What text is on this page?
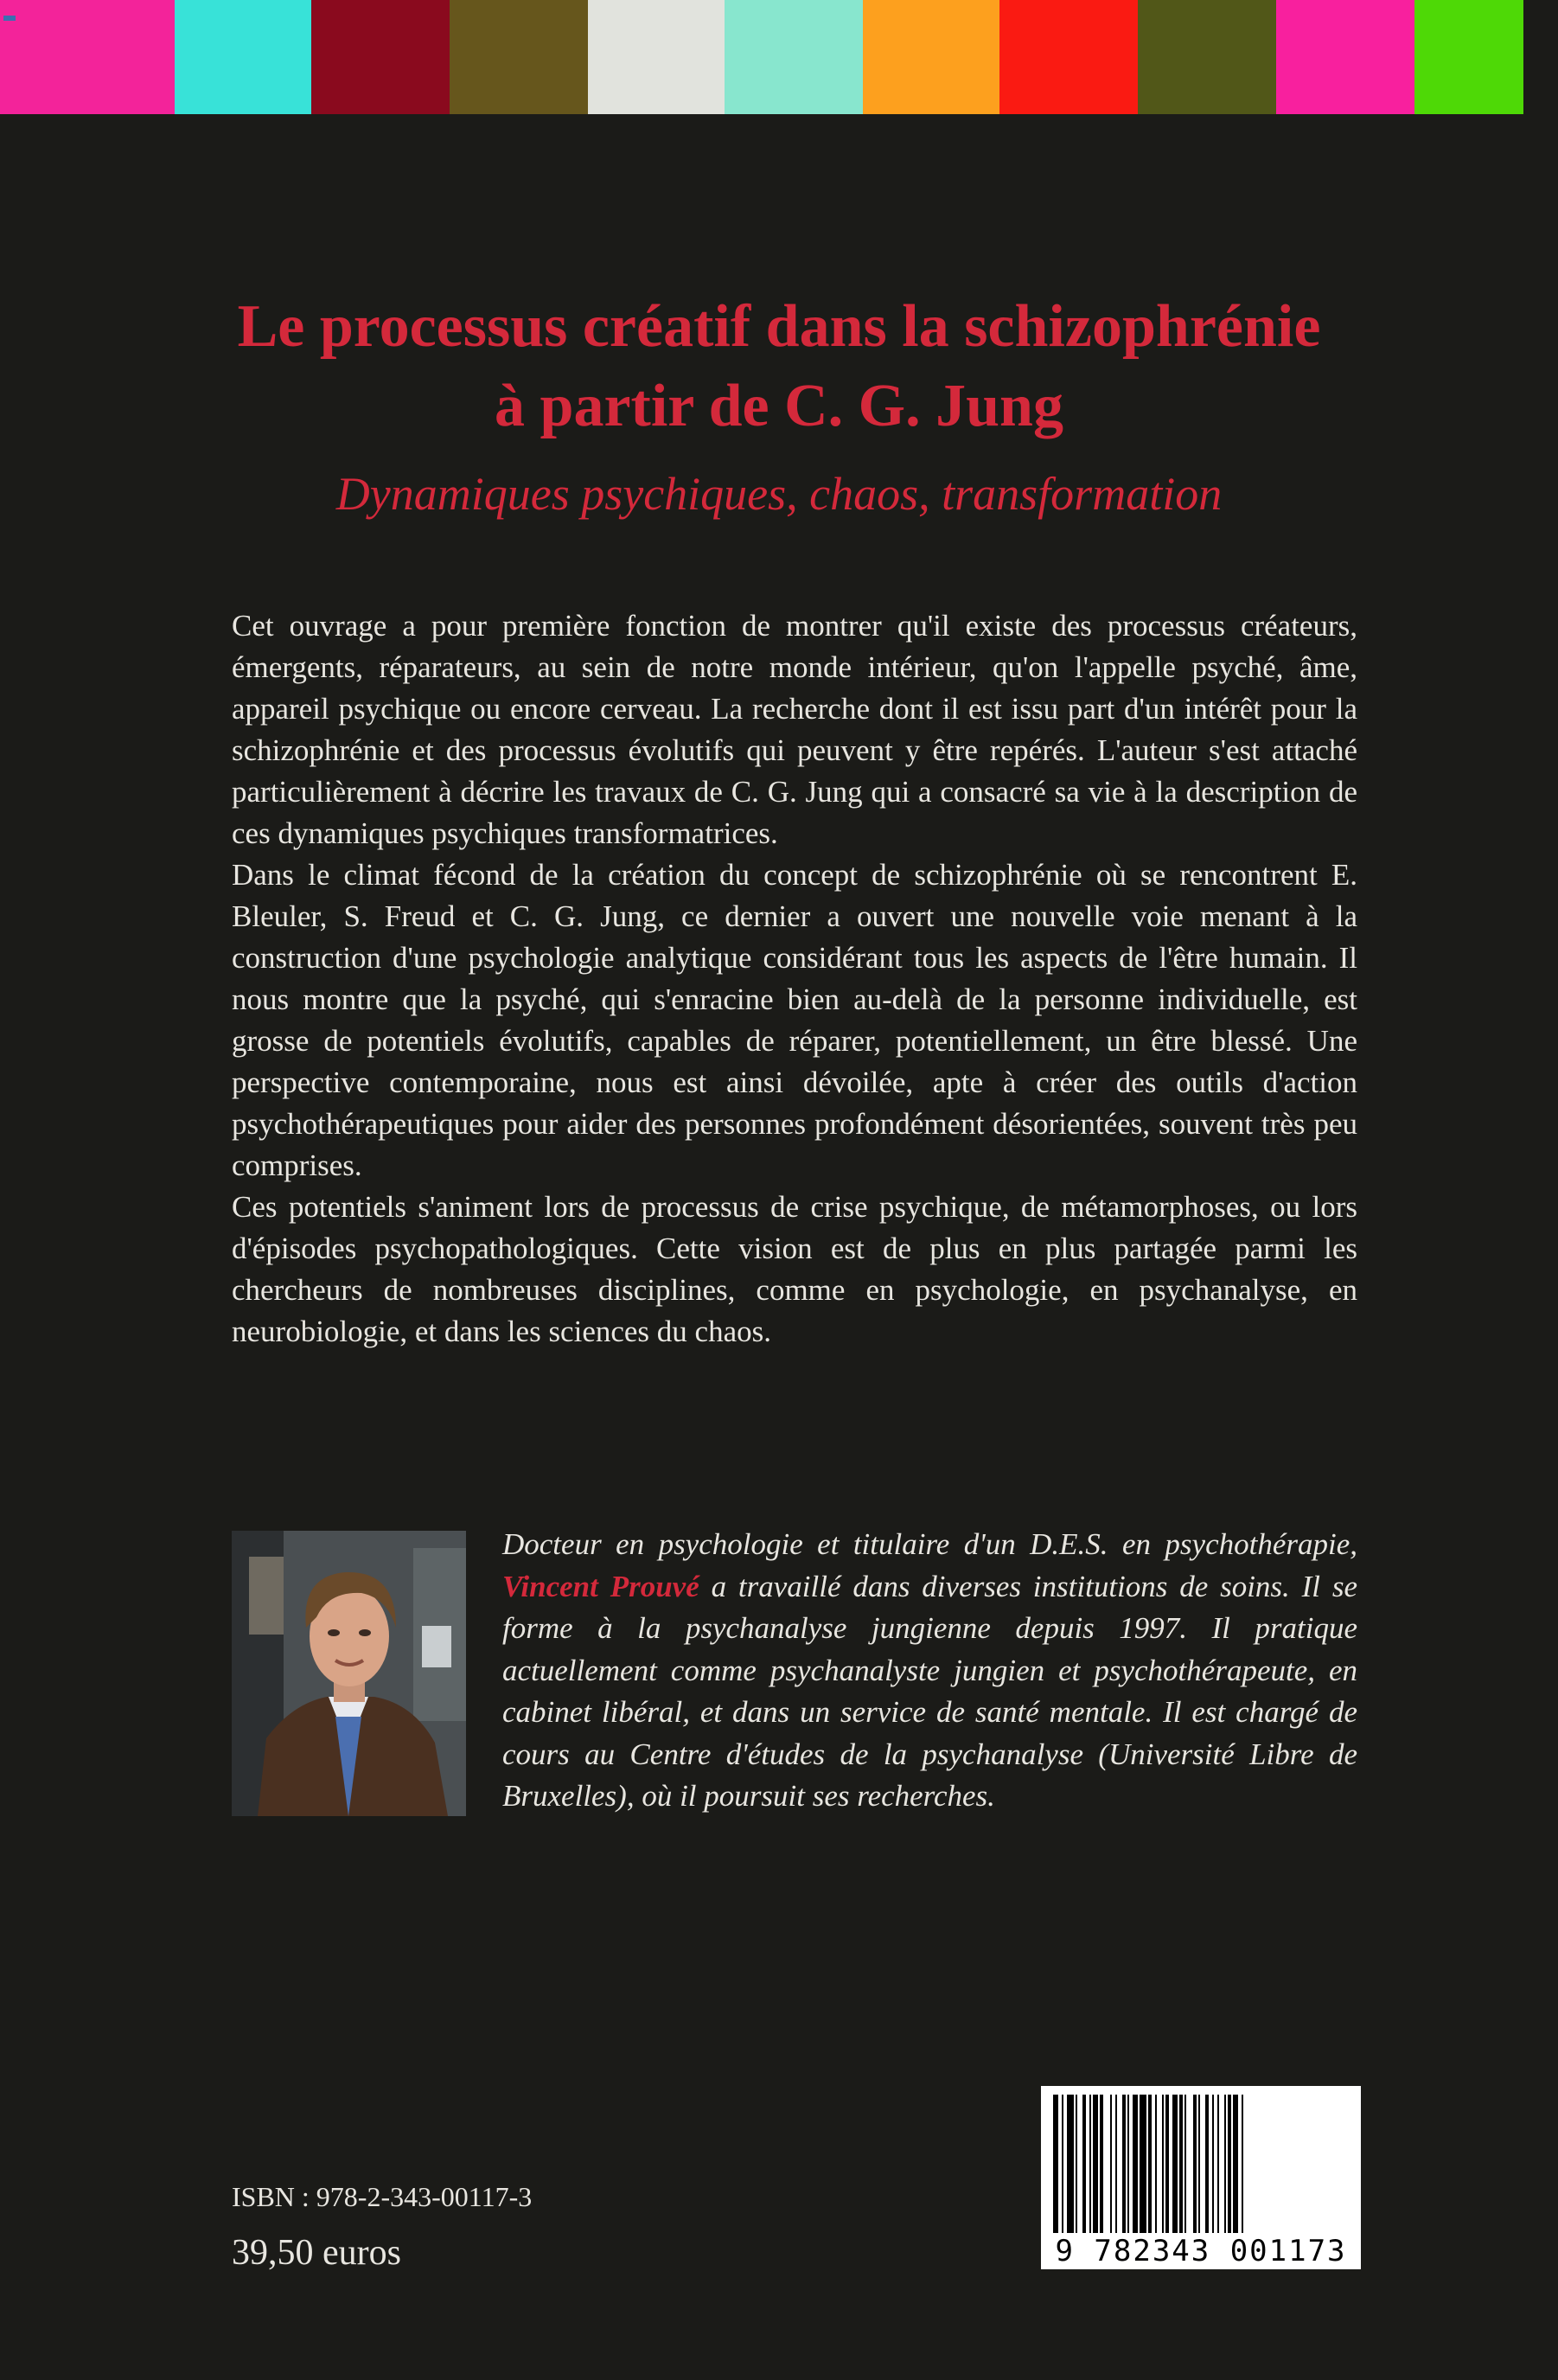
Le processus créatif dans la schizophrénie
à partir de C. G. Jung
Dynamiques psychiques, chaos, transformation

Cet ouvrage a pour première fonction de montrer qu'il existe des processus créateurs, émergents, réparateurs, au sein de notre monde intérieur, qu'on l'appelle psyché, âme, appareil psychique ou encore cerveau. La recherche dont il est issu part d'un intérêt pour la schizophrénie et des processus évolutifs qui peuvent y être repérés. L'auteur s'est attaché particulièrement à décrire les travaux de C. G. Jung qui a consacré sa vie à la description de ces dynamiques psychiques transformatrices.

Dans le climat fécond de la création du concept de schizophrénie où se rencontrent E. Bleuler, S. Freud et C. G. Jung, ce dernier a ouvert une nouvelle voie menant à la construction d'une psychologie analytique considérant tous les aspects de l'être humain. Il nous montre que la psyché, qui s'enracine bien au-delà de la personne individuelle, est grosse de potentiels évolutifs, capables de réparer, potentiellement, un être blessé. Une perspective contemporaine, nous est ainsi dévoilée, apte à créer des outils d'action psychothérapeutiques pour aider des personnes profondément désorientées, souvent très peu comprises.

Ces potentiels s'animent lors de processus de crise psychique, de métamorphoses, ou lors d'épisodes psychopathologiques. Cette vision est de plus en plus partagée parmi les chercheurs de nombreuses disciplines, comme en psychologie, en psychanalyse, en neurobiologie, et dans les sciences du chaos.

Docteur en psychologie et titulaire d'un D.E.S. en psychothérapie, Vincent Prouvé a travaillé dans diverses institutions de soins. Il se forme à la psychanalyse jungienne depuis 1997. Il pratique actuellement comme psychanalyste jungien et psychothérapeute, en cabinet libéral, et dans un service de santé mentale. Il est chargé de cours au Centre d'études de la psychanalyse (Université Libre de Bruxelles), où il poursuit ses recherches.

ISBN : 978-2-343-00117-3
39,50 euros	9 782343 001173
